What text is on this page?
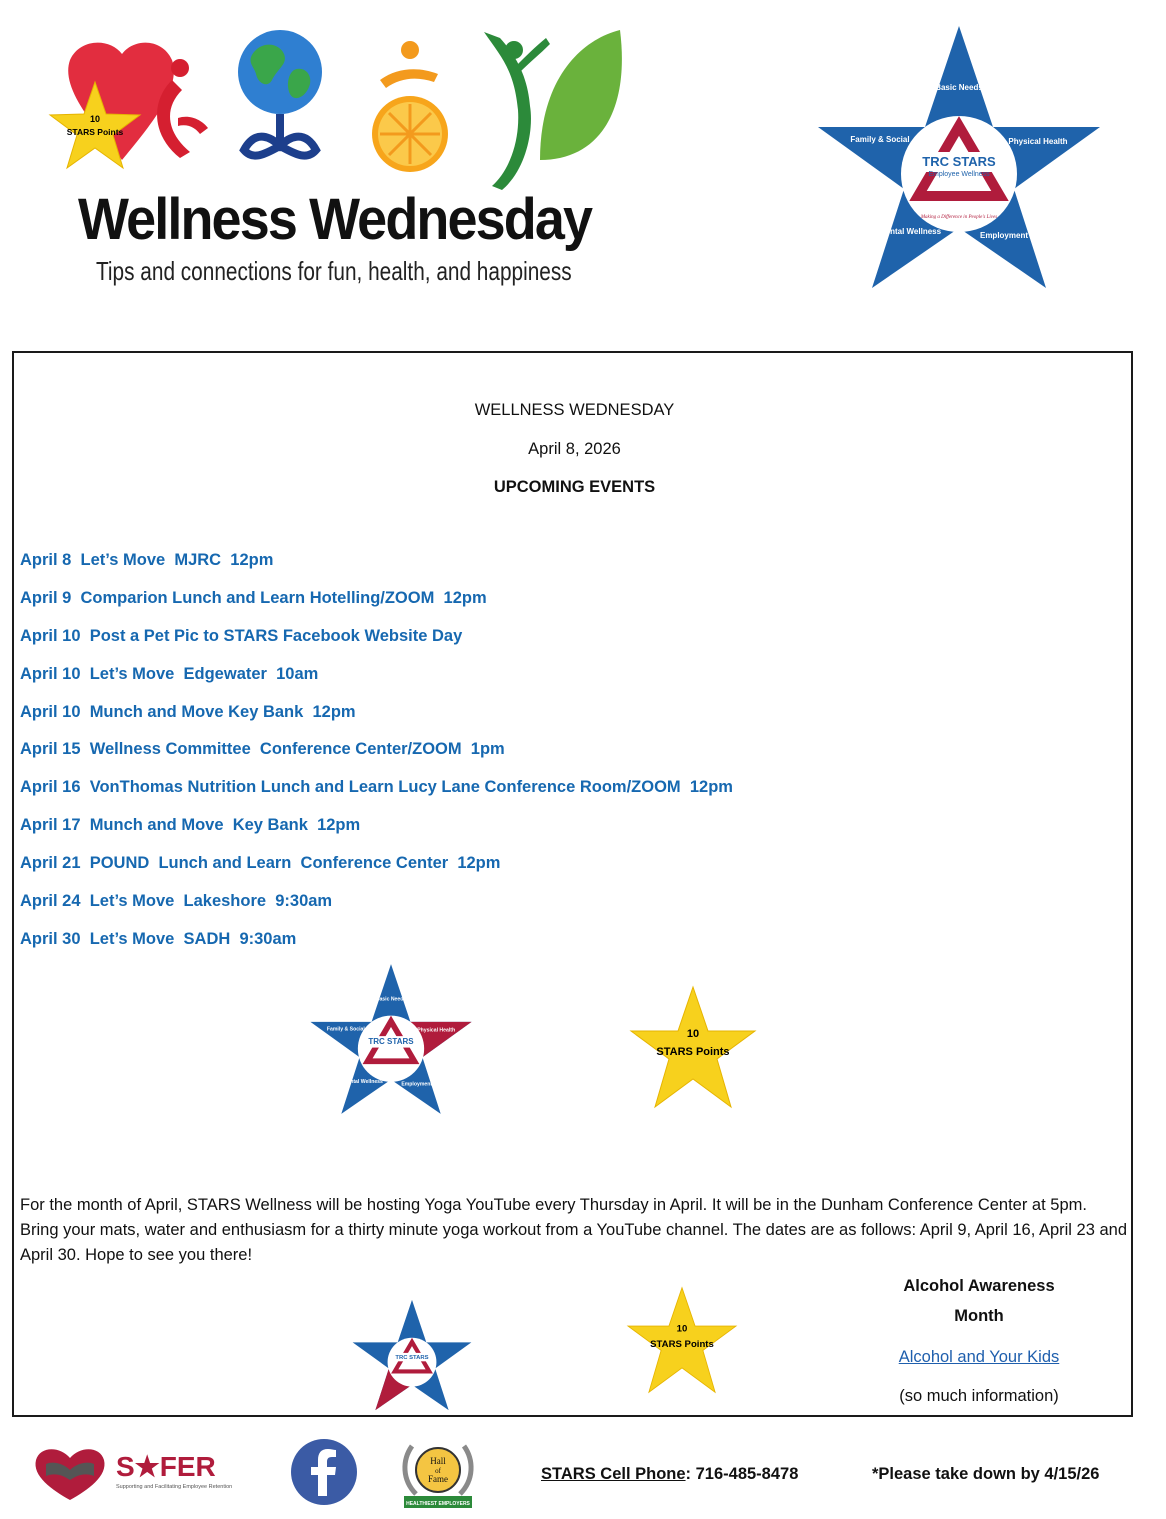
10
STARS Points
Wellness Wednesday

Tips and connections for fun, health, and happiness

TRC STARS
Employee Wellness
Making a Difference in People's Lives
Basic Needs
Physical Health
Employment
Mental Wellness
Family & Social
WELLNESS WEDNESDAY
April 8, 2026
UPCOMING EVENTS
April 8  Let’s Move  MJRC  12pm
April 9  Comparion Lunch and Learn Hotelling/ZOOM  12pm
April 10  Post a Pet Pic to STARS Facebook Website Day
April 10  Let’s Move  Edgewater  10am
April 10  Munch and Move Key Bank  12pm
April 15  Wellness Committee  Conference Center/ZOOM  1pm
April 16  VonThomas Nutrition Lunch and Learn Lucy Lane Conference Room/ZOOM  12pm
April 17  Munch and Move  Key Bank  12pm
April 21  POUND  Lunch and Learn  Conference Center  12pm
April 24  Let’s Move  Lakeshore  9:30am
April 30  Let’s Move  SADH  9:30am
TRC STARS
Basic Needs
Physical Health
Employment
Mental Wellness
Family & Social	10
STARS Points

For the month of April, STARS Wellness will be hosting Yoga YouTube every Thursday in April. It will be in the Dunham Conference Center at 5pm. Bring your mats, water and enthusiasm for a thirty minute yoga workout from a YouTube channel. The dates are as follows: April 9, April 16, April 23 and April 30. Hope to see you there!

TRC STARS
10
STARS Points

Alcohol Awareness
Month

Alcohol and Your Kids
(so much information)
S★FER
Supporting and Facilitating Employee Retention
Hall
of
Fame
HEALTHIEST EMPLOYERS
STARS Cell Phone: 716-485-8478	*Please take down by 4/15/26
